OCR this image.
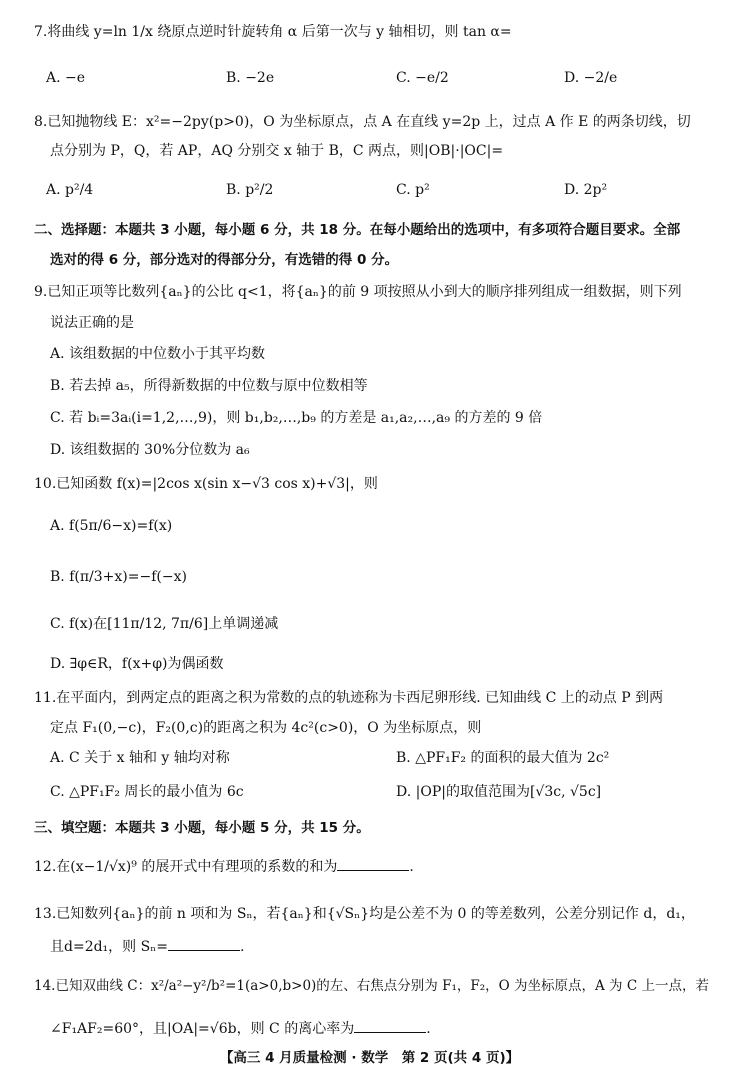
7.将曲线 y=ln 1/x 绕原点逆时针旋转角 α 后第一次与 y 轴相切，则 tan α=
A. −e	B. −2e	C. −e/2	D. −2/e
8.已知抛物线 E：x²=−2py(p>0)，O 为坐标原点，点 A 在直线 y=2p 上，过点 A 作 E 的两条切线，切
点分别为 P，Q，若 AP，AQ 分别交 x 轴于 B，C 两点，则|OB|·|OC|=
A. p²/4	B. p²/2	C. p²	D. 2p²
二、选择题：本题共 3 小题，每小题 6 分，共 18 分。在每小题给出的选项中，有多项符合题目要求。全部
选对的得 6 分，部分选对的得部分分，有选错的得 0 分。
9.已知正项等比数列{aₙ}的公比 q<1，将{aₙ}的前 9 项按照从小到大的顺序排列组成一组数据，则下列
说法正确的是
A. 该组数据的中位数小于其平均数
B. 若去掉 a₅，所得新数据的中位数与原中位数相等
C. 若 bᵢ=3aᵢ(i=1,2,…,9)，则 b₁,b₂,…,b₉ 的方差是 a₁,a₂,…,a₉ 的方差的 9 倍
D. 该组数据的 30%分位数为 a₆
10.已知函数 f(x)=|2cos x(sin x−√3 cos x)+√3|，则
A. f(5π/6−x)=f(x)
B. f(π/3+x)=−f(−x)
C. f(x)在[11π/12, 7π/6]上单调递减
D. ∃φ∈R，f(x+φ)为偶函数
11.在平面内，到两定点的距离之积为常数的点的轨迹称为卡西尼卵形线. 已知曲线 C 上的动点 P 到两
定点 F₁(0,−c)，F₂(0,c)的距离之积为 4c²(c>0)，O 为坐标原点，则
A. C 关于 x 轴和 y 轴均对称	B. △PF₁F₂ 的面积的最大值为 2c²
C. △PF₁F₂ 周长的最小值为 6c	D. |OP|的取值范围为[√3c, √5c]
三、填空题：本题共 3 小题，每小题 5 分，共 15 分。
12.在(x−1/√x)⁹ 的展开式中有理项的系数的和为	.
13.已知数列{aₙ}的前 n 项和为 Sₙ，若{aₙ}和{√Sₙ}均是公差不为 0 的等差数列，公差分别记作 d，d₁，
且d=2d₁，则 Sₙ=	.
14.已知双曲线 C：x²/a²−y²/b²=1(a>0,b>0)的左、右焦点分别为 F₁，F₂，O 为坐标原点，A 为 C 上一点，若
∠F₁AF₂=60°，且|OA|=√6b，则 C 的离心率为	.
【高三 4 月质量检测 · 数学　第 2 页(共 4 页)】
